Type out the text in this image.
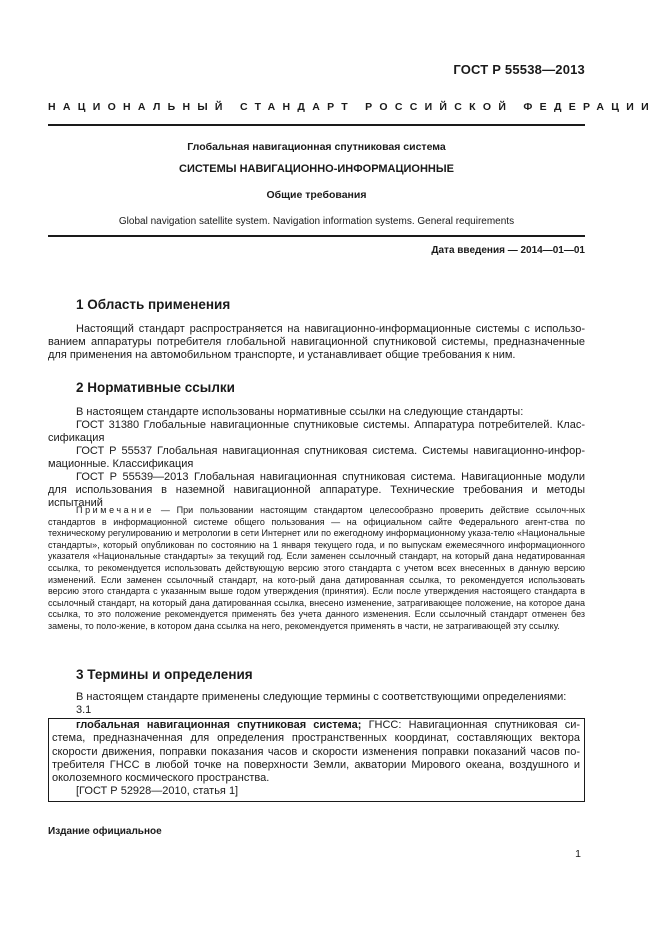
ГОСТ Р 55538—2013
НАЦИОНАЛЬНЫЙ СТАНДАРТ РОССИЙСКОЙ ФЕДЕРАЦИИ
Глобальная навигационная спутниковая система
СИСТЕМЫ НАВИГАЦИОННО-ИНФОРМАЦИОННЫЕ
Общие требования
Global navigation satellite system. Navigation information systems. General requirements
Дата введения — 2014—01—01
1 Область применения
Настоящий стандарт распространяется на навигационно-информационные системы с использо-ванием аппаратуры потребителя глобальной навигационной спутниковой системы, предназначенные для применения на автомобильном транспорте, и устанавливает общие требования к ним.
2 Нормативные ссылки
В настоящем стандарте использованы нормативные ссылки на следующие стандарты:
ГОСТ 31380 Глобальные навигационные спутниковые системы. Аппаратура потребителей. Клас-сификация
ГОСТ Р 55537 Глобальная навигационная спутниковая система. Системы навигационно-инфор-мационные. Классификация
ГОСТ Р 55539—2013 Глобальная навигационная спутниковая система. Навигационные модули для использования в наземной навигационной аппаратуре. Технические требования и методы испытаний
Примечание — При пользовании настоящим стандартом целесообразно проверить действие ссылоч-ных стандартов в информационной системе общего пользования — на официальном сайте Федерального агент-ства по техническому регулированию и метрологии в сети Интернет или по ежегодному информационному указа-телю «Национальные стандарты», который опубликован по состоянию на 1 января текущего года, и по выпускам ежемесячного информационного указателя «Национальные стандарты» за текущий год. Если заменен ссылочный стандарт, на который дана недатированная ссылка, то рекомендуется использовать действующую версию этого стандарта с учетом всех внесенных в данную версию изменений. Если заменен ссылочный стандарт, на кото-рый дана датированная ссылка, то рекомендуется использовать версию этого стандарта с указанным выше годом утверждения (принятия). Если после утверждения настоящего стандарта в ссылочный стандарт, на который дана датированная ссылка, внесено изменение, затрагивающее положение, на которое дана ссылка, то это положение рекомендуется применять без учета данного изменения. Если ссылочный стандарт отменен без замены, то поло-жение, в котором дана ссылка на него, рекомендуется применять в части, не затрагивающей эту ссылку.
3 Термины и определения
В настоящем стандарте применены следующие термины с соответствующими определениями:
3.1
глобальная навигационная спутниковая система; ГНСС: Навигационная спутниковая си-стема, предназначенная для определения пространственных координат, составляющих вектора скорости движения, поправки показания часов и скорости изменения поправки показаний часов по-требителя ГНСС в любой точке на поверхности Земли, акватории Мирового океана, воздушного и околоземного космического пространства.
[ГОСТ Р 52928—2010, статья 1]
Издание официальное
1
